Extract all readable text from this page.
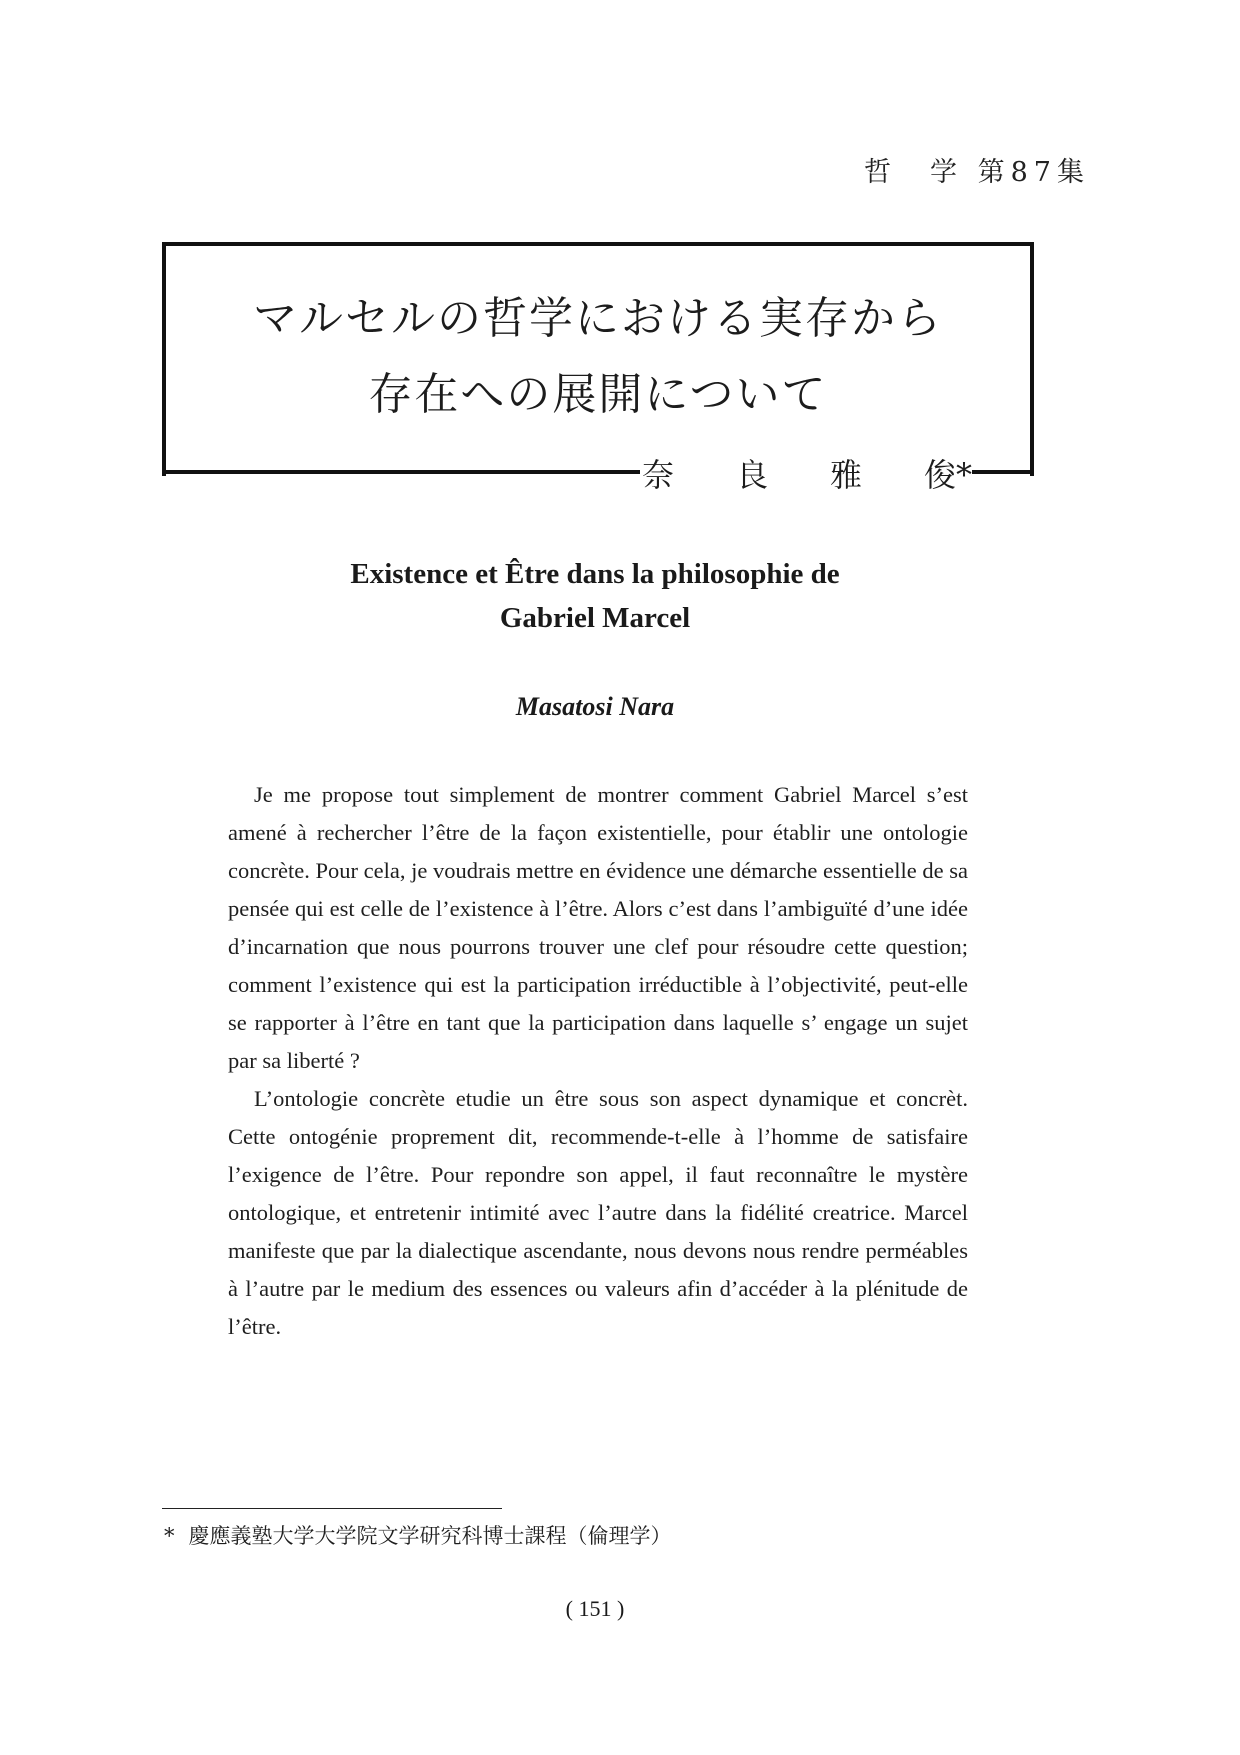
哲　学 第87集
マルセルの哲学における実存から
存在への展開について
奈 良 雅 俊*
Existence et Être dans la philosophie de
Gabriel Marcel
Masatosi Nara

Je me propose tout simplement de montrer comment Gabriel Marcel s’est amené à rechercher l’être de la façon existentielle, pour établir une ontologie concrète. Pour cela, je voudrais mettre en évidence une démarche essentielle de sa pensée qui est celle de l’existence à l’être. Alors c’est dans l’ambiguïté d’une idée d’incarnation que nous pourrons trouver une clef pour résoudre cette question; comment l’existence qui est la participation irréductible à l’objectivité, peut-elle se rapporter à l’être en tant que la participation dans laquelle s’ engage un sujet par sa liberté ?

L’ontologie concrète etudie un être sous son aspect dynamique et concrèt. Cette ontogénie proprement dit, recommende-t-elle à l’homme de satisfaire l’exigence de l’être. Pour repondre son appel, il faut reconnaître le mystère ontologique, et entretenir intimité avec l’autre dans la fidélité creatrice. Marcel manifeste que par la dialectique ascendante, nous devons nous rendre perméables à l’autre par le medium des essences ou valeurs afin d’accéder à la plénitude de l’être.

* 慶應義塾大学大学院文学研究科博士課程（倫理学）
( 151 )
